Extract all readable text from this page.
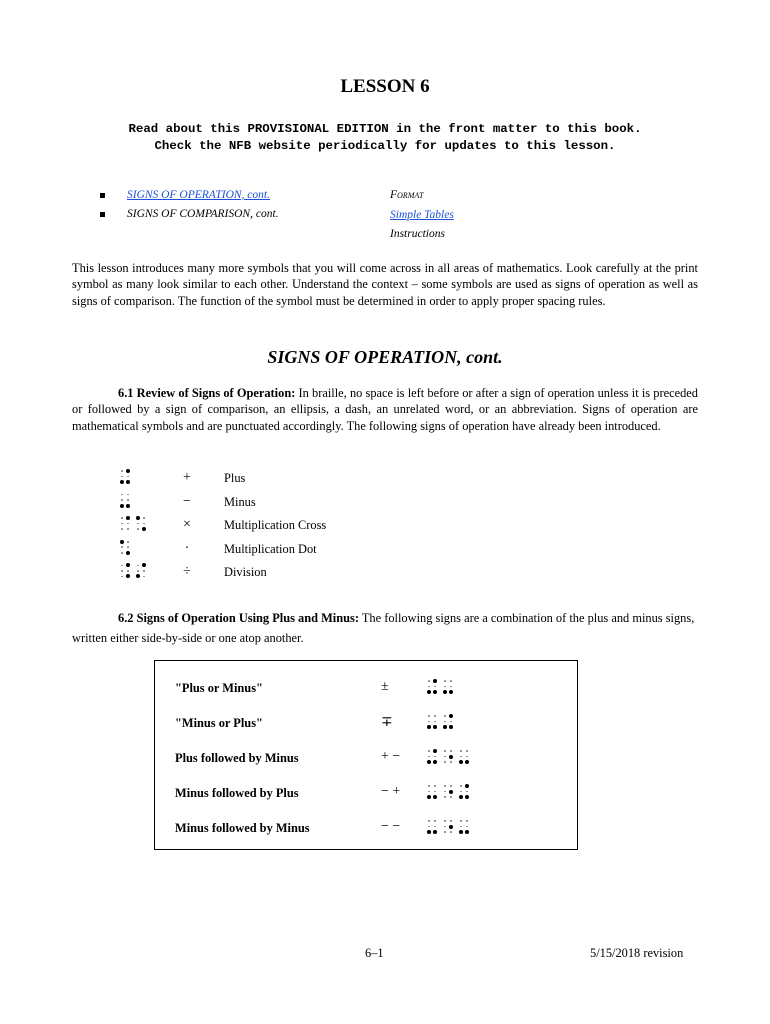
LESSON 6
Read about this PROVISIONAL EDITION in the front matter to this book.
Check the NFB website periodically for updates to this lesson.
SIGNS OF OPERATION, cont.
SIGNS OF COMPARISON, cont.
Format
Simple Tables
Instructions
This lesson introduces many more symbols that you will come across in all areas of mathematics. Look carefully at the print symbol as many look similar to each other. Understand the context – some symbols are used as signs of operation as well as signs of comparison. The function of the symbol must be determined in order to apply proper spacing rules.
SIGNS OF OPERATION, cont.
6.1 Review of Signs of Operation: In braille, no space is left before or after a sign of operation unless it is preceded or followed by a sign of comparison, an ellipsis, a dash, an unrelated word, or an abbreviation. Signs of operation are mathematical symbols and are punctuated accordingly. The following signs of operation have already been introduced.
+	Plus
−	Minus
×	Multiplication Cross
·	Multiplication Dot
÷	Division
6.2 Signs of Operation Using Plus and Minus: The following signs are a combination of the plus and minus signs, written either side-by-side or one atop another.
"Plus or Minus"	±
"Minus or Plus"	∓
Plus followed by Minus	+ −
Minus followed by Plus	− +
Minus followed by Minus	− −
6–1	5/15/2018 revision
